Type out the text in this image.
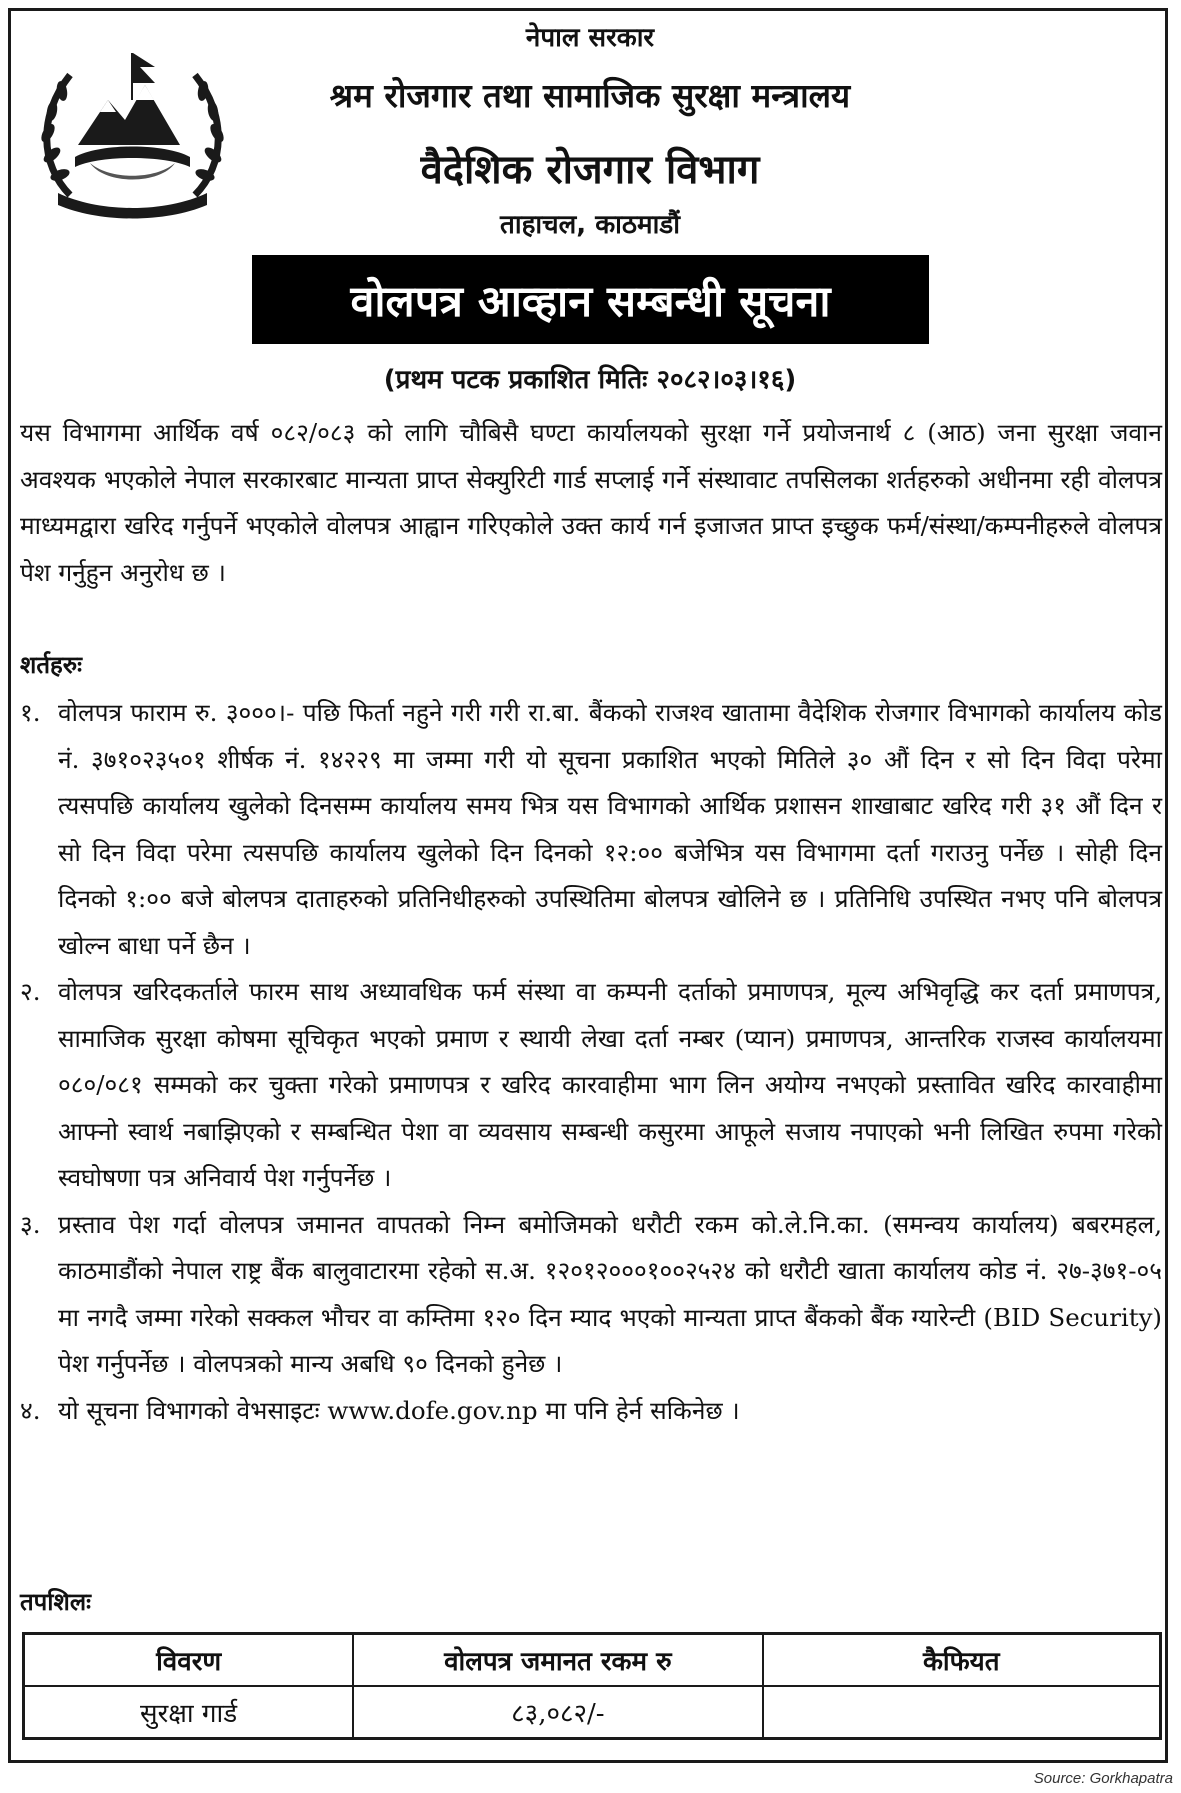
नेपाल सरकार
श्रम रोजगार तथा सामाजिक सुरक्षा मन्त्रालय
वैदेशिक रोजगार विभाग
ताहाचल, काठमाडौं
वोलपत्र आव्हान सम्बन्धी सूचना
(प्रथम पटक प्रकाशित मितिः २०८२।०३।१६)

यस विभागमा आर्थिक वर्ष ०८२/०८३ को लागि चौबिसै घण्टा कार्यालयको सुरक्षा गर्ने प्रयोजनार्थ ८ (आठ) जना सुरक्षा जवान अवश्यक भएकोले नेपाल सरकारबाट मान्यता प्राप्त सेक्युरिटी गार्ड सप्लाई गर्ने संस्थावाट तपसिलका शर्तहरुको अधीनमा रही वोलपत्र माध्यमद्वारा खरिद गर्नुपर्ने भएकोले वोलपत्र आह्वान गरिएकोले उक्त कार्य गर्न इजाजत प्राप्त इच्छुक फर्म/संस्था/कम्पनीहरुले वोलपत्र पेश गर्नुहुन अनुरोध छ ।

शर्तहरुः

१. वोलपत्र फाराम रु. ३०००।- पछि फिर्ता नहुने गरी गरी रा.बा. बैंकको राजश्व खातामा वैदेशिक रोजगार विभागको कार्यालय कोड नं. ३७१०२३५०१ शीर्षक नं. १४२२९ मा जम्मा गरी यो सूचना प्रकाशित भएको मितिले ३० औं दिन र सो दिन विदा परेमा त्यसपछि कार्यालय खुलेको दिनसम्म कार्यालय समय भित्र यस विभागको आर्थिक प्रशासन शाखाबाट खरिद गरी ३१ औं दिन र सो दिन विदा परेमा त्यसपछि कार्यालय खुलेको दिन दिनको १२:०० बजेभित्र यस विभागमा दर्ता गराउनु पर्नेछ । सोही दिन दिनको १:०० बजे बोलपत्र दाताहरुको प्रतिनिधीहरुको उपस्थितिमा बोलपत्र खोलिने छ । प्रतिनिधि उपस्थित नभए पनि बोलपत्र खोल्न बाधा पर्ने छैन ।
२. वोलपत्र खरिदकर्ताले फारम साथ अध्यावधिक फर्म संस्था वा कम्पनी दर्ताको प्रमाणपत्र, मूल्य अभिवृद्धि कर दर्ता प्रमाणपत्र, सामाजिक सुरक्षा कोषमा सूचिकृत भएको प्रमाण र स्थायी लेखा दर्ता नम्बर (प्यान) प्रमाणपत्र, आन्तरिक राजस्व कार्यालयमा ०८०/०८१ सम्मको कर चुक्ता गरेको प्रमाणपत्र र खरिद कारवाहीमा भाग लिन अयोग्य नभएको प्रस्तावित खरिद कारवाहीमा आफ्नो स्वार्थ नबाझिएको र सम्बन्धित पेशा वा व्यवसाय सम्बन्धी कसुरमा आफूले सजाय नपाएको भनी लिखित रुपमा गरेको स्वघोषणा पत्र अनिवार्य पेश गर्नुपर्नेछ ।
३. प्रस्ताव पेश गर्दा वोलपत्र जमानत वापतको निम्न बमोजिमको धरौटी रकम को.ले.नि.का. (समन्वय कार्यालय) बबरमहल, काठमाडौंको नेपाल राष्ट्र बैंक बालुवाटारमा रहेको स.अ. १२०१२०००१००२५२४ को धरौटी खाता कार्यालय कोड नं. २७-३७१-०५ मा नगदै जम्मा गरेको सक्कल भौचर वा कम्तिमा १२० दिन म्याद भएको मान्यता प्राप्त बैंकको बैंक ग्यारेन्टी (BID Security) पेश गर्नुपर्नेछ । वोलपत्रको मान्य अबधि ९० दिनको हुनेछ ।
४. यो सूचना विभागको वेभसाइटः www.dofe.gov.np मा पनि हेर्न सकिनेछ ।

तपशिलः

विवरण	वोलपत्र जमानत रकम रु	कैफियत
सुरक्षा गार्ड	८३,०८२/-	
Source: Gorkhapatra
